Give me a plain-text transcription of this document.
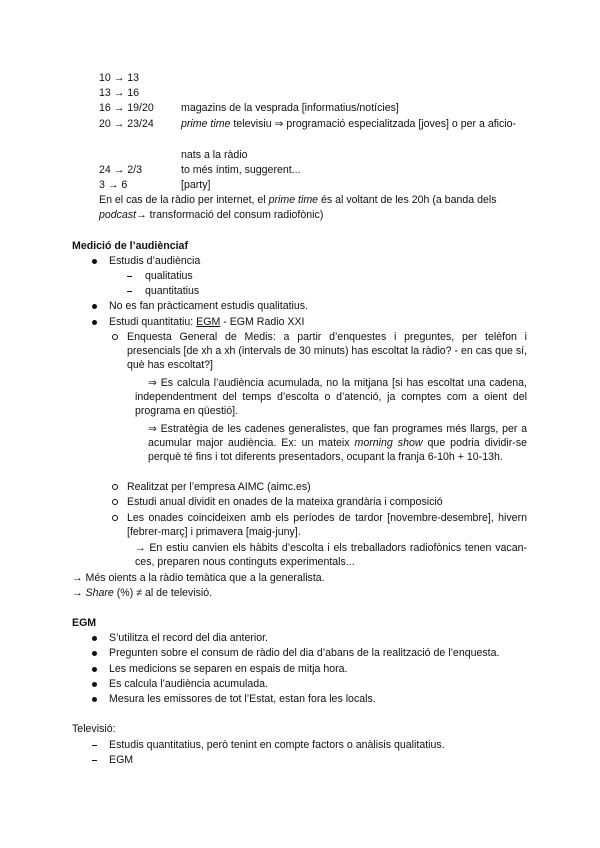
10 → 13
13 → 16
16 → 19/20	magazins de la vesprada [informatius/notícies]
20 → 23/24	prime time televisiu ⇒ programació especialitzada [joves] o per a aficio-
nats a la ràdio
24 → 2/3	to més íntim, suggerent...
3 → 6	[party]
En el cas de la ràdio per internet, el prime time és al voltant de les 20h (a banda dels
podcast→ transformació del consum radiofònic)
Medició de l’audiènciaf
Estudis d’audiència
qualitatius
quantitatius
No es fan pràcticament estudis qualitatius.
Estudi quantitatiu: EGM - EGM Radio XXI
Enquesta General de Medis: a partir d’enquestes i preguntes, per telèfon i presencials [de xh a xh (intervals de 30 minuts) has escoltat la ràdio? - en cas que sí, què has escoltat?]
⇒ Es calcula l’audiència acumulada, no la mitjana [si has escoltat una cadena, independentment del temps d’escolta o d’atenció, ja comptes com a oient del programa en qüestió].
⇒ Estratègia de les cadenes generalistes, que fan programes més llargs, per a acumular major audiència. Ex: un mateix morning show que podria dividir-se perquè té fins i tot diferents presentadors, ocupant la franja 6-10h + 10-13h.
Realitzat per l’empresa AIMC (aimc.es)
Estudi anual dividit en onades de la mateixa grandària i composició
Les onades coincideixen amb els períodes de tardor [novembre-desembre], hivern [febrer-març] i primavera [maig-juny].
→ En estiu canvien els hàbits d’escolta i els treballadors radiofònics tenen vacan- ces, preparen nous continguts experimentals...
→ Més oients a la ràdio temàtica que a la generalista.
→ Share (%) ≠ al de televisió.
EGM
S’utilitza el record del dia anterior.
Pregunten sobre el consum de ràdio del dia d’abans de la realització de l’enquesta.
Les medicions se separen en espais de mitja hora.
Es calcula l’audiència acumulada.
Mesura les emissores de tot l’Estat, estan fora les locals.
Televisió:
Estudis quantitatius, però tenint en compte factors o anàlisis qualitatius.
EGM
